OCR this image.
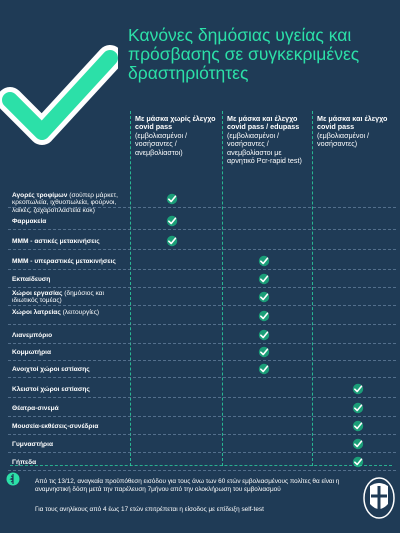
Κανόνες δημόσιας υγείας και πρόσβασης σε συγκεκριμένες δραστηριότητες
Με μάσκα χωρίς έλεγχο covid pass
(εμβολιασμένοι / νοσήσαντες / ανεμβολίαστοι)
Με μάσκα και έλεγχο covid pass / edupass
(εμβολιασμένοι / νοσήσαντες / ανεμβολίαστοι με αρνητικό Pcr-rapid test)
Με μάσκα και έλεγχο covid pass
(εμβολιασμένοι /νοσήσαντες)
Αγορές τροφίμων (σούπερ μάρκετ, κρεοπωλεία, ιχθυοπωλεία, φούρνοι, λαϊκές, ζαχαροπλαστεία κοκ)
Φαρμακεία
ΜΜΜ - αστικές μετακινήσεις
ΜΜΜ - υπεραστικές μετακινήσεις
Εκπαίδευση
Χώροι εργασίας (δημόσιος και ιδιωτικός τομέας)
Χώροι λατρείας (λειτουργίες)
Λιανεμπόριο
Κομμωτήρια
Ανοιχτοί χώροι εστίασης
Κλειστοί χώροι εστίασης
Θέατρα-σινεμά
Μουσεία-εκθέσεις-συνέδρια
Γυμναστήρια
Γήπεδα
Από τις 13/12, αναγκαία προϋπόθεση εισόδου για τους άνω των 60 ετών εμβολιασμένους πολίτες θα είναι η αναμνηστική δόση μετά την παρέλευση 7μήνου από την ολοκλήρωση του εμβολιασμού
Για τους ανηλίκους από 4 έως 17 ετών επιτρέπεται η είσοδος με επίδειξη self-test
